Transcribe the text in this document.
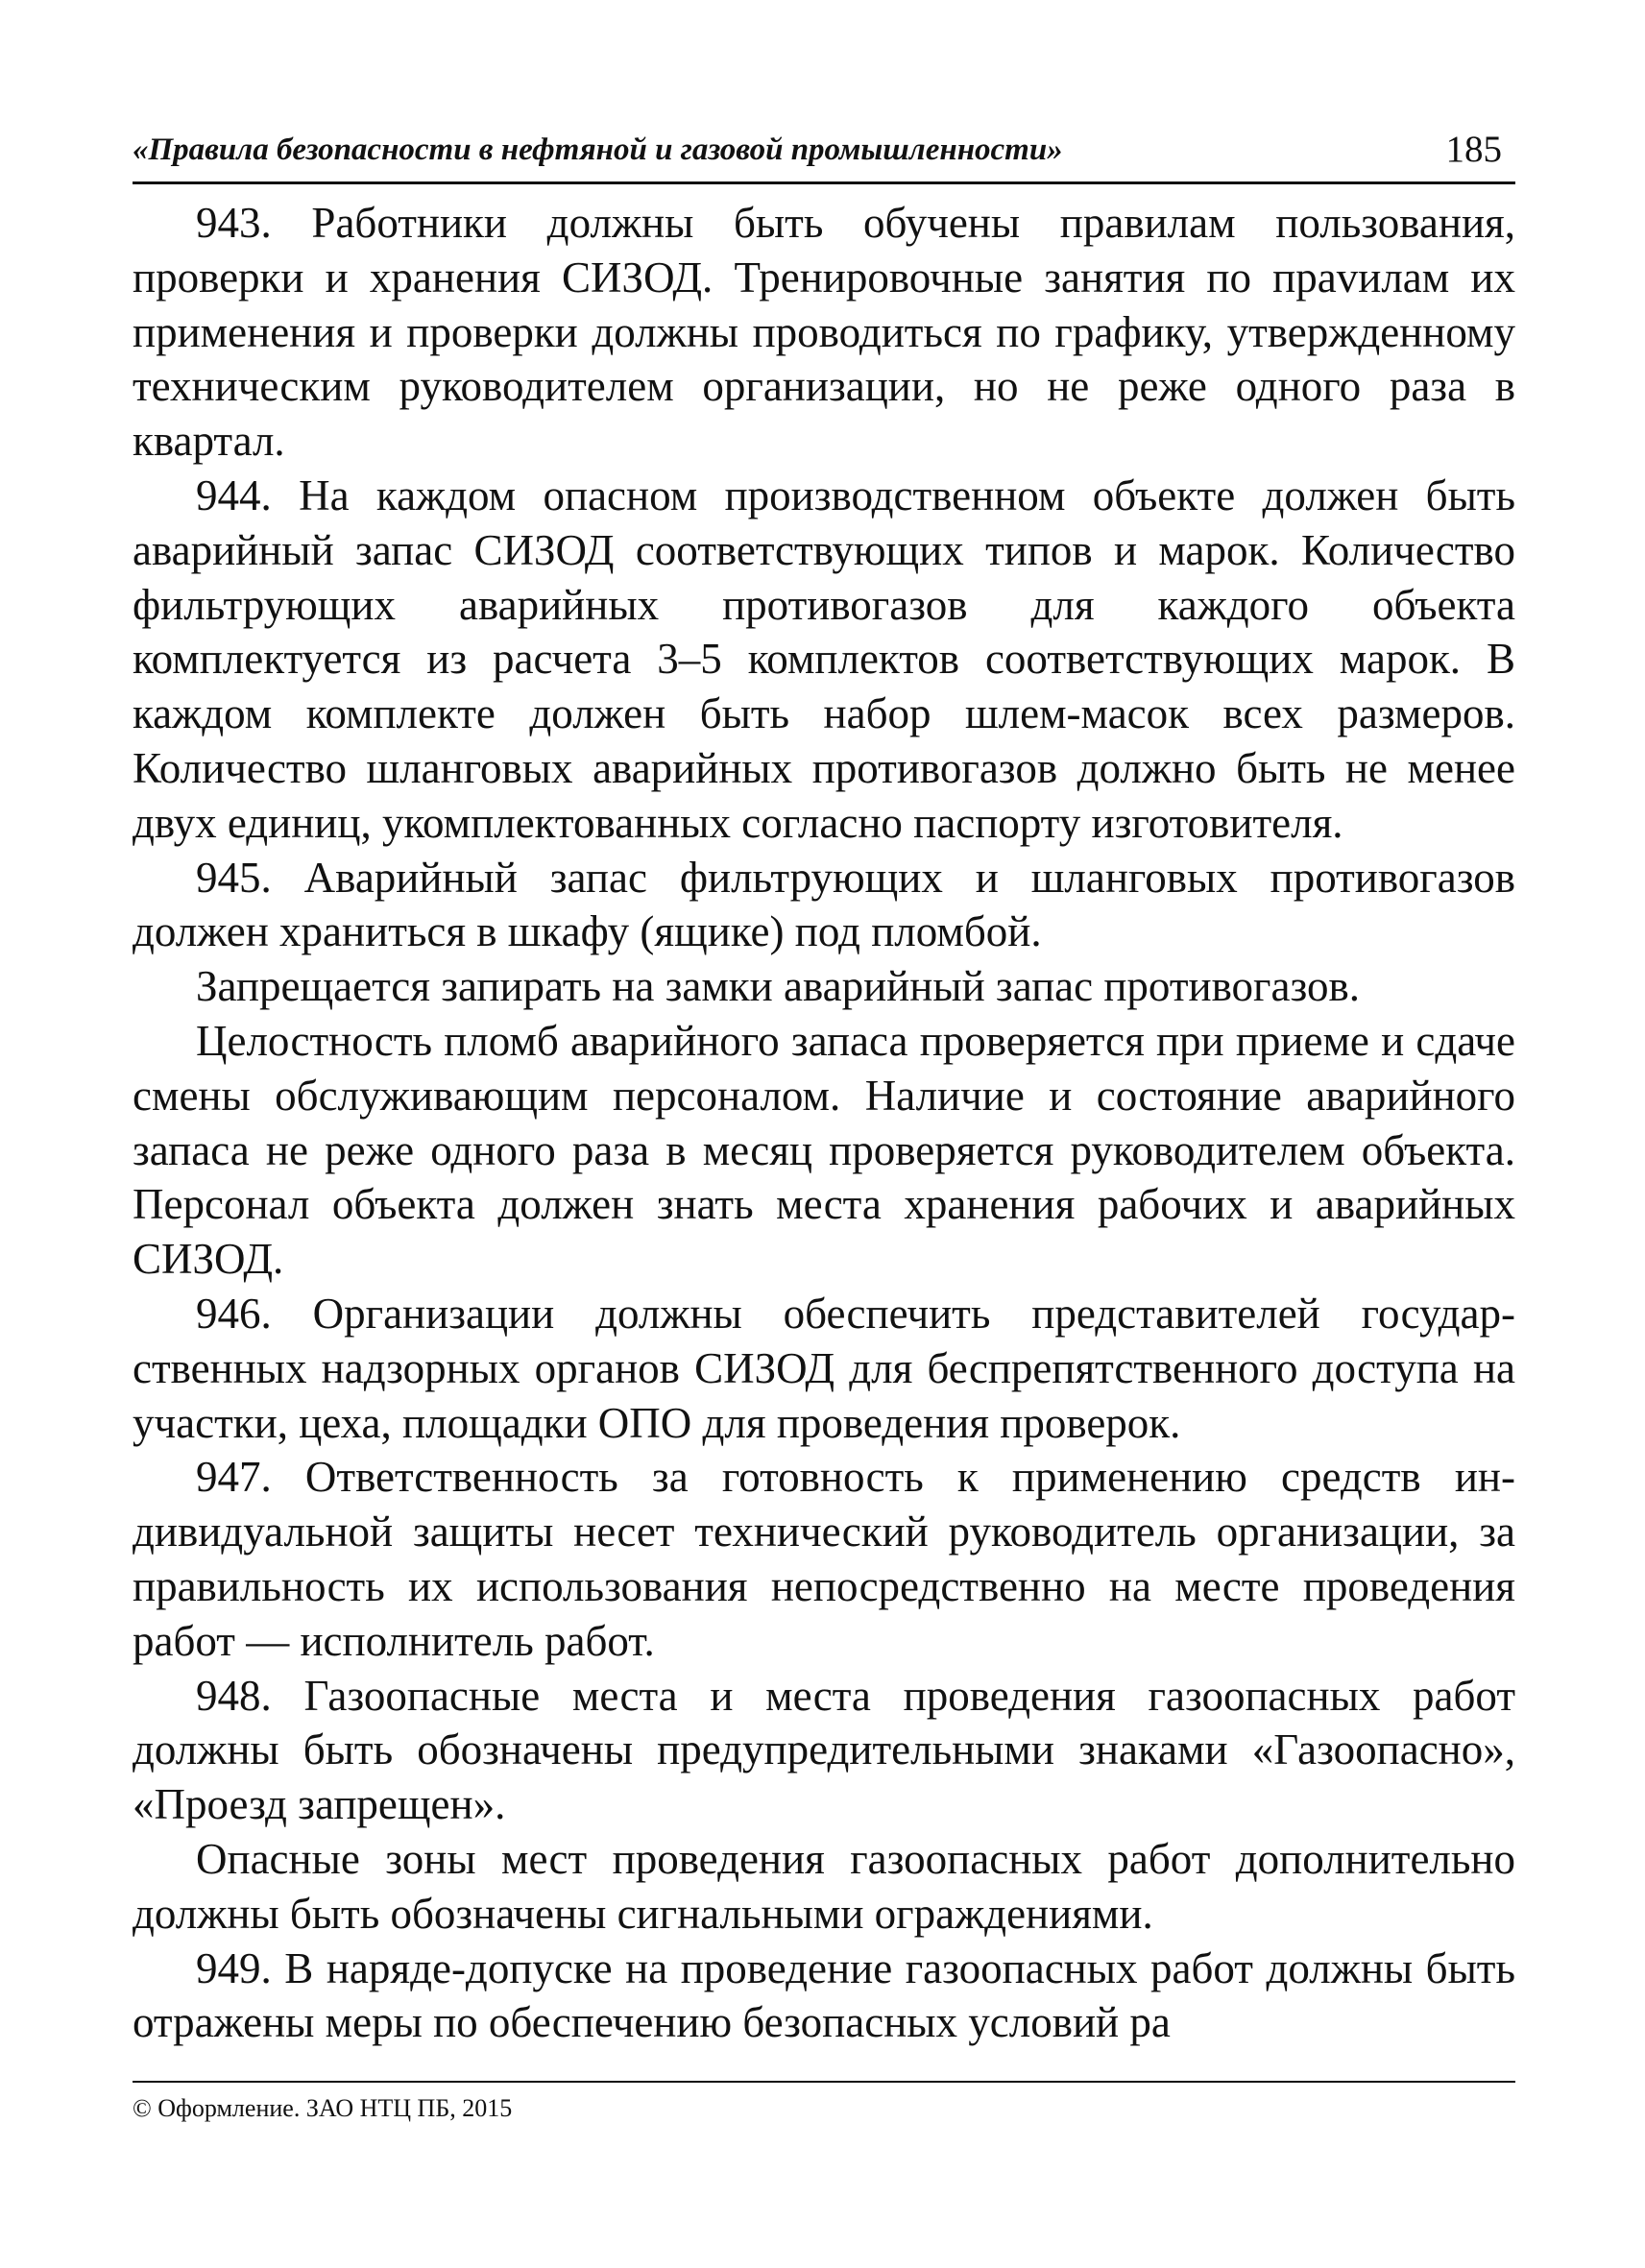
«Правила безопасности в нефтяной и газовой промышленности»	185

943. Работники должны быть обучены правилам пользования, проверки и хранения СИЗОД. Тренировочные занятия по праvилам их применения и проверки должны проводиться по графику, утвержденному техническим руководителем организации, но не реже одного раза в квартал.

944. На каждом опасном производственном объекте должен быть аварийный запас СИЗОД соответствующих типов и марок. Количество фильтрующих аварийных противогазов для каждого объекта комплектуется из расчета 3–5 комплектов соответствующих марок. В каждом комплекте должен быть набор шлем-масок всех размеров. Количество шланговых аварийных противогазов должно быть не менее двух единиц, укомплектованных согласно паспорту изготовителя.

945. Аварийный запас фильтрующих и шланговых противогазов должен храниться в шкафу (ящике) под пломбой.

Запрещается запирать на замки аварийный запас противогазов.

Целостность пломб аварийного запаса проверяется при приеме и сдаче смены обслуживающим персоналом. Наличие и состояние аварийного запаса не реже одного раза в месяц проверяется руководителем объекта. Персонал объекта должен знать места хранения рабочих и аварийных СИЗОД.

946. Организации должны обеспечить представителей государственных надзорных органов СИЗОД для беспрепятственного доступа на участки, цеха, площадки ОПО для проведения проверок.

947. Ответственность за готовность к применению средств индивидуальной защиты несет технический руководитель организации, за правильность их использования непосредственно на месте проведения работ — исполнитель работ.

948. Газоопасные места и места проведения газоопасных работ должны быть обозначены предупредительными знаками «Газоопасно», «Проезд запрещен».

Опасные зоны мест проведения газоопасных работ дополнительно должны быть обозначены сигнальными ограждениями.

949. В наряде-допуске на проведение газоопасных работ должны быть отражены меры по обеспечению безопасных условий ра

© Оформление. ЗАО НТЦ ПБ, 2015
